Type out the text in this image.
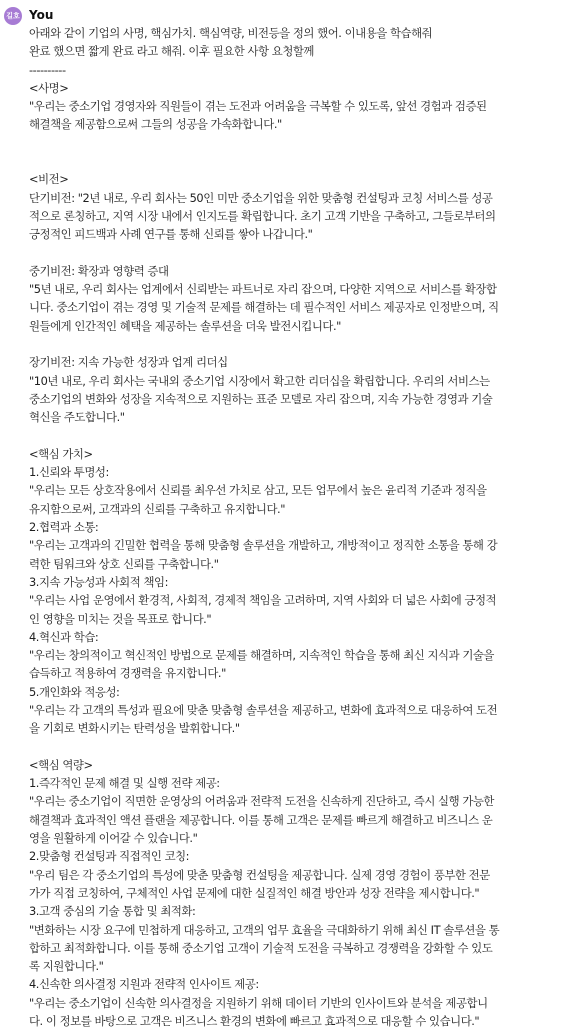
길호 You
아래와 같이 기업의 사명, 핵심가치. 핵심역량, 비전등을 정의 했어. 이내용을 학습해줘
완료 했으면 짧게 완료 라고 해줘. 이후 필요한 사항 요청할께
----------
<사명>
"우리는 중소기업 경영자와 직원들이 겪는 도전과 어려움을 극복할 수 있도록, 앞선 경험과 검증된
해결책을 제공함으로써 그들의 성공을 가속화합니다."
<비전>
단기비전: "2년 내로, 우리 회사는 50인 미만 중소기업을 위한 맞춤형 컨설팅과 코칭 서비스를 성공
적으로 론칭하고, 지역 시장 내에서 인지도를 확립합니다. 초기 고객 기반을 구축하고, 그들로부터의
긍정적인 피드백과 사례 연구를 통해 신뢰를 쌓아 나갑니다."
중기비전: 확장과 영향력 증대
"5년 내로, 우리 회사는 업계에서 신뢰받는 파트너로 자리 잡으며, 다양한 지역으로 서비스를 확장합
니다. 중소기업이 겪는 경영 및 기술적 문제를 해결하는 데 필수적인 서비스 제공자로 인정받으며, 직
원들에게 인간적인 혜택을 제공하는 솔루션을 더욱 발전시킵니다."
장기비전: 지속 가능한 성장과 업계 리더십
"10년 내로, 우리 회사는 국내외 중소기업 시장에서 확고한 리더십을 확립합니다. 우리의 서비스는
중소기업의 변화와 성장을 지속적으로 지원하는 표준 모델로 자리 잡으며, 지속 가능한 경영과 기술
혁신을 주도합니다."
<핵심 가치>
1.신뢰와 투명성:
"우리는 모든 상호작용에서 신뢰를 최우선 가치로 삼고, 모든 업무에서 높은 윤리적 기준과 정직을
유지함으로써, 고객과의 신뢰를 구축하고 유지합니다."
2.협력과 소통:
"우리는 고객과의 긴밀한 협력을 통해 맞춤형 솔루션을 개발하고, 개방적이고 정직한 소통을 통해 강
력한 팀워크와 상호 신뢰를 구축합니다."
3.지속 가능성과 사회적 책임:
"우리는 사업 운영에서 환경적, 사회적, 경제적 책임을 고려하며, 지역 사회와 더 넓은 사회에 긍정적
인 영향을 미치는 것을 목표로 합니다."
4.혁신과 학습:
"우리는 창의적이고 혁신적인 방법으로 문제를 해결하며, 지속적인 학습을 통해 최신 지식과 기술을
습득하고 적용하여 경쟁력을 유지합니다."
5.개인화와 적응성:
"우리는 각 고객의 특성과 필요에 맞춘 맞춤형 솔루션을 제공하고, 변화에 효과적으로 대응하여 도전
을 기회로 변화시키는 탄력성을 발휘합니다."
<핵심 역량>
1.즉각적인 문제 해결 및 실행 전략 제공:
"우리는 중소기업이 직면한 운영상의 어려움과 전략적 도전을 신속하게 진단하고, 즉시 실행 가능한
해결책과 효과적인 액션 플랜을 제공합니다. 이를 통해 고객은 문제를 빠르게 해결하고 비즈니스 운
영을 원활하게 이어갈 수 있습니다."
2.맞춤형 컨설팅과 직접적인 코칭:
"우리 팀은 각 중소기업의 특성에 맞춘 맞춤형 컨설팅을 제공합니다. 실제 경영 경험이 풍부한 전문
가가 직접 코칭하여, 구체적인 사업 문제에 대한 실질적인 해결 방안과 성장 전략을 제시합니다."
3.고객 중심의 기술 통합 및 최적화:
"변화하는 시장 요구에 민첩하게 대응하고, 고객의 업무 효율을 극대화하기 위해 최신 IT 솔루션을 통
합하고 최적화합니다. 이를 통해 중소기업 고객이 기술적 도전을 극복하고 경쟁력을 강화할 수 있도
록 지원합니다."
4.신속한 의사결정 지원과 전략적 인사이트 제공:
"우리는 중소기업이 신속한 의사결정을 지원하기 위해 데이터 기반의 인사이트와 분석을 제공합니
다. 이 정보를 바탕으로 고객은 비즈니스 환경의 변화에 빠르고 효과적으로 대응할 수 있습니다."
